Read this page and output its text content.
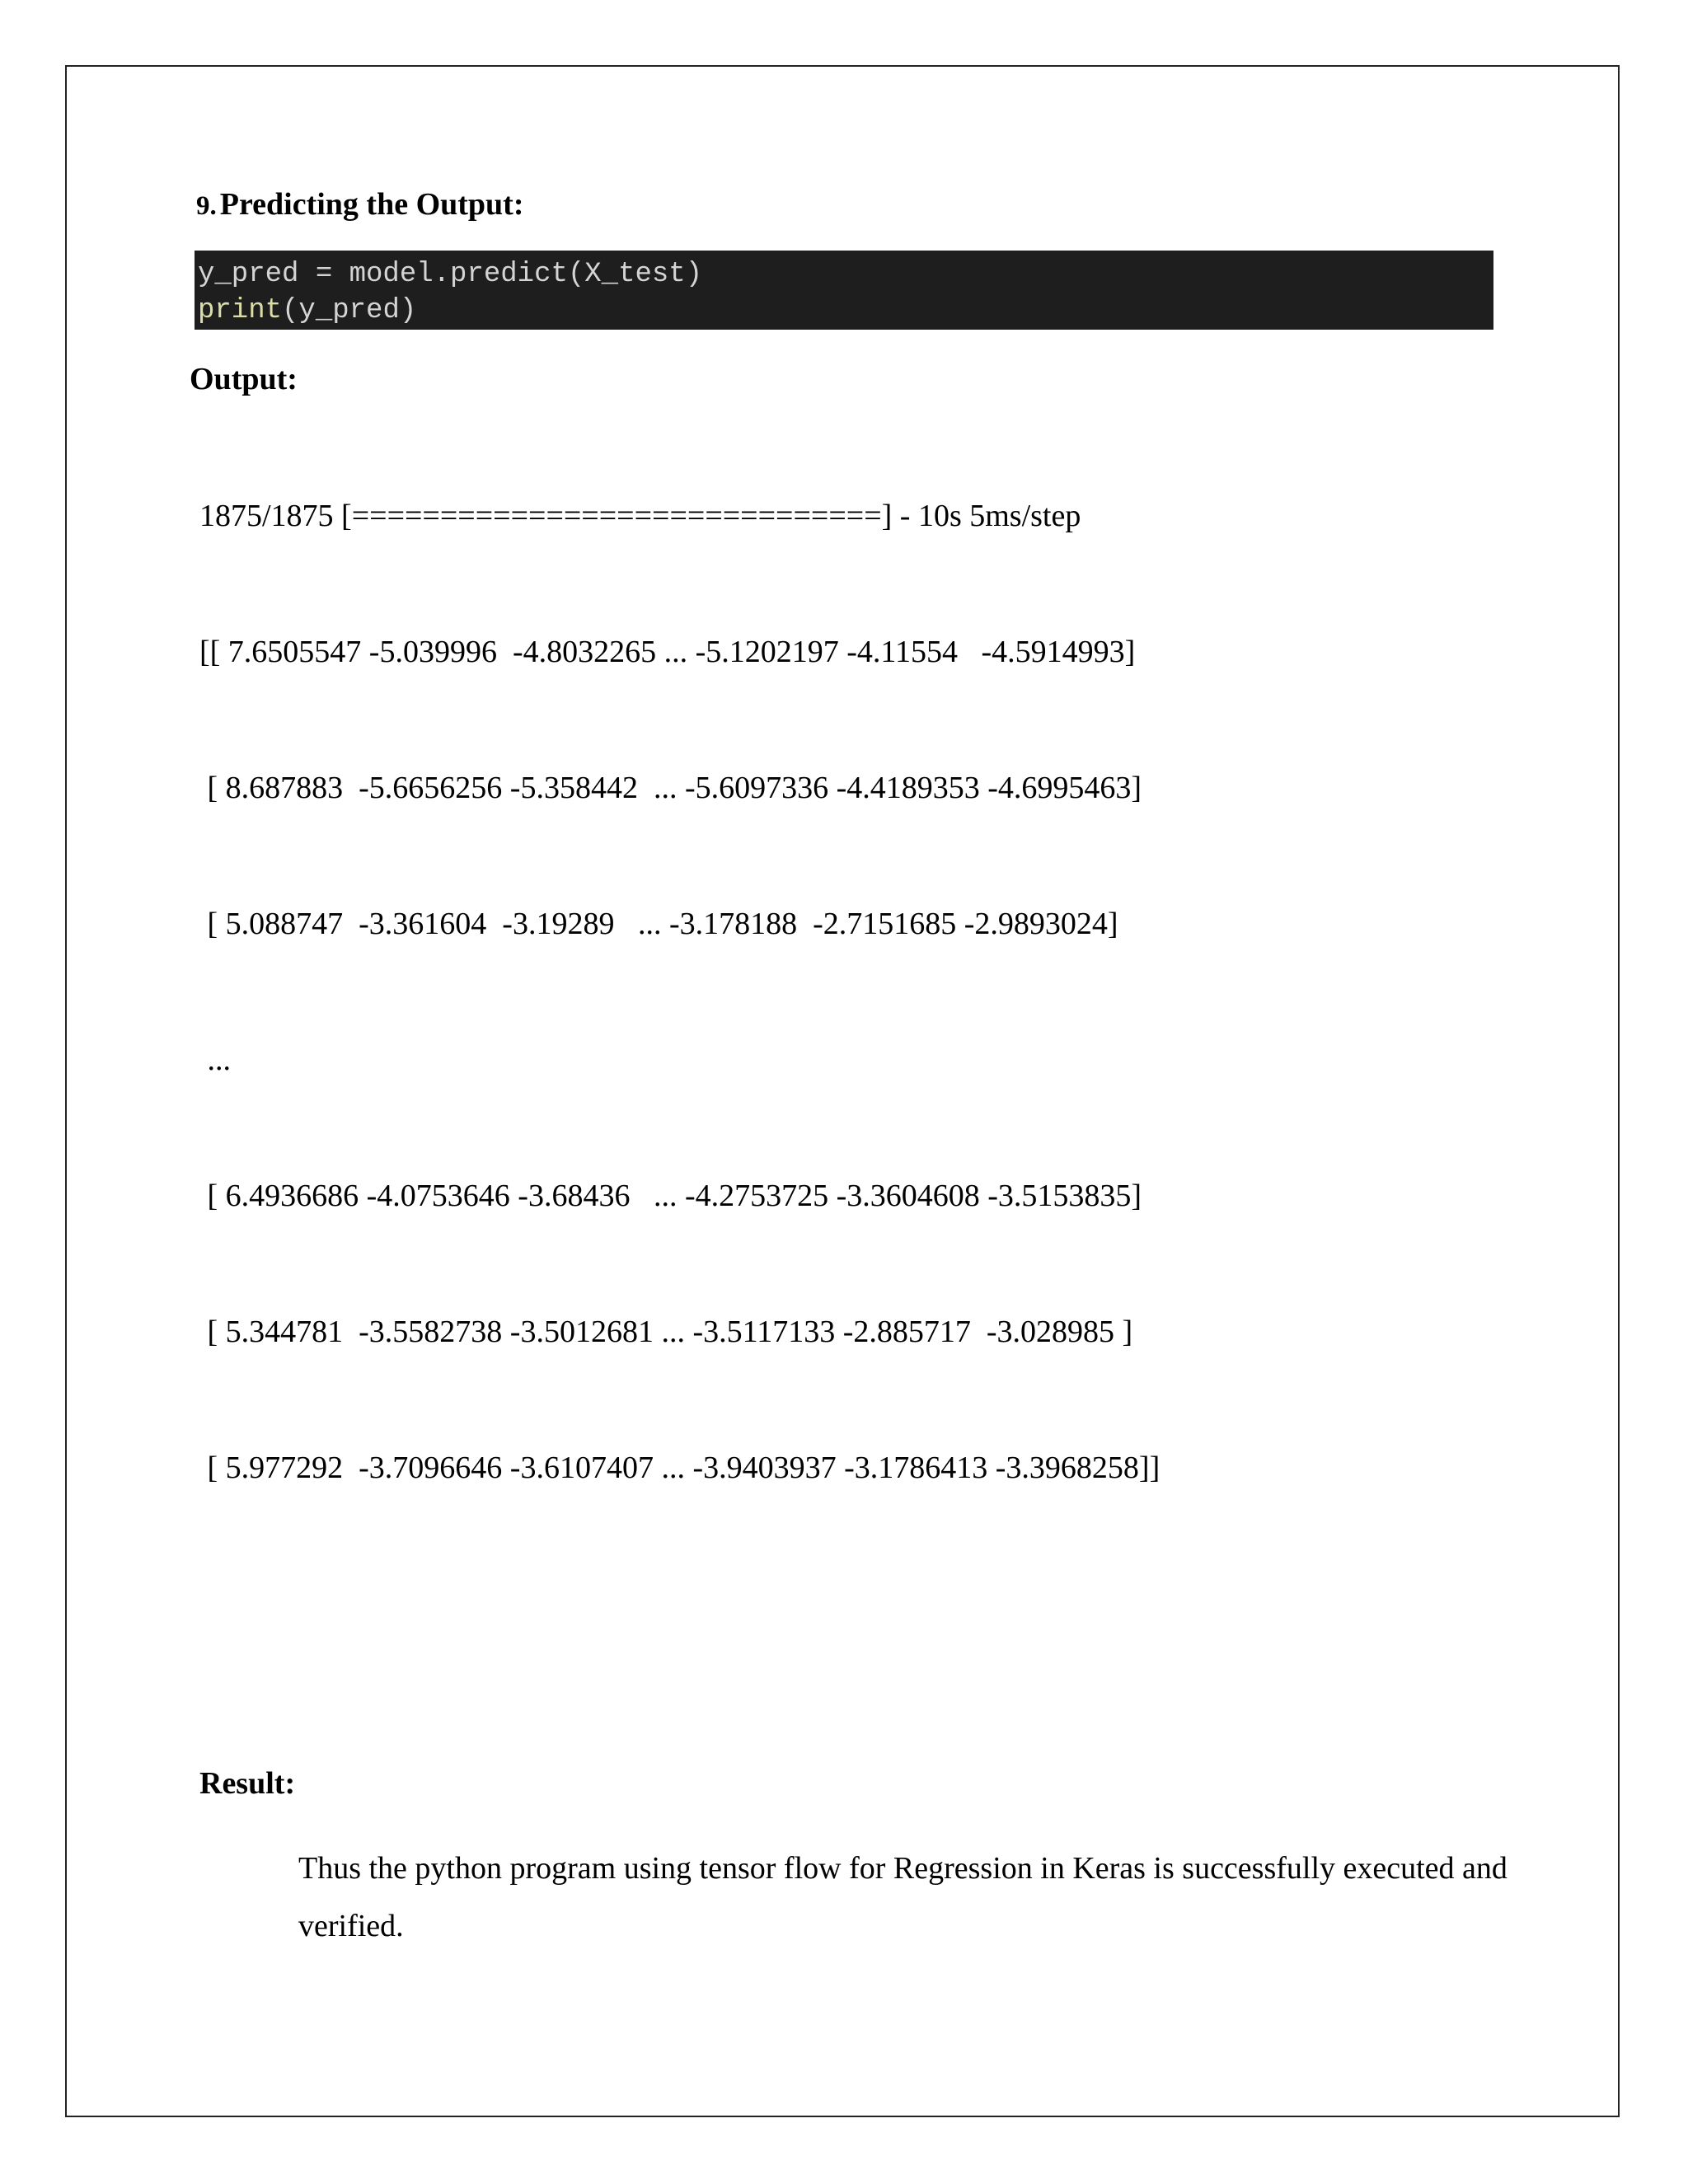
9. Predicting the Output:
y_pred = model.predict(X_test)
print(y_pred)
Output:

1875/1875 [==============================] - 10s 5ms/step

[[ 7.6505547 -5.039996  -4.8032265 ... -5.1202197 -4.11554   -4.5914993]

[ 8.687883  -5.6656256 -5.358442  ... -5.6097336 -4.4189353 -4.6995463]

[ 5.088747  -3.361604  -3.19289   ... -3.178188  -2.7151685 -2.9893024]

...

[ 6.4936686 -4.0753646 -3.68436   ... -4.2753725 -3.3604608 -3.5153835]

[ 5.344781  -3.5582738 -3.5012681 ... -3.5117133 -2.885717  -3.028985 ]

[ 5.977292  -3.7096646 -3.6107407 ... -3.9403937 -3.1786413 -3.3968258]]

Result:
Thus the python program using tensor flow for Regression in Keras is successfully executed and verified.
